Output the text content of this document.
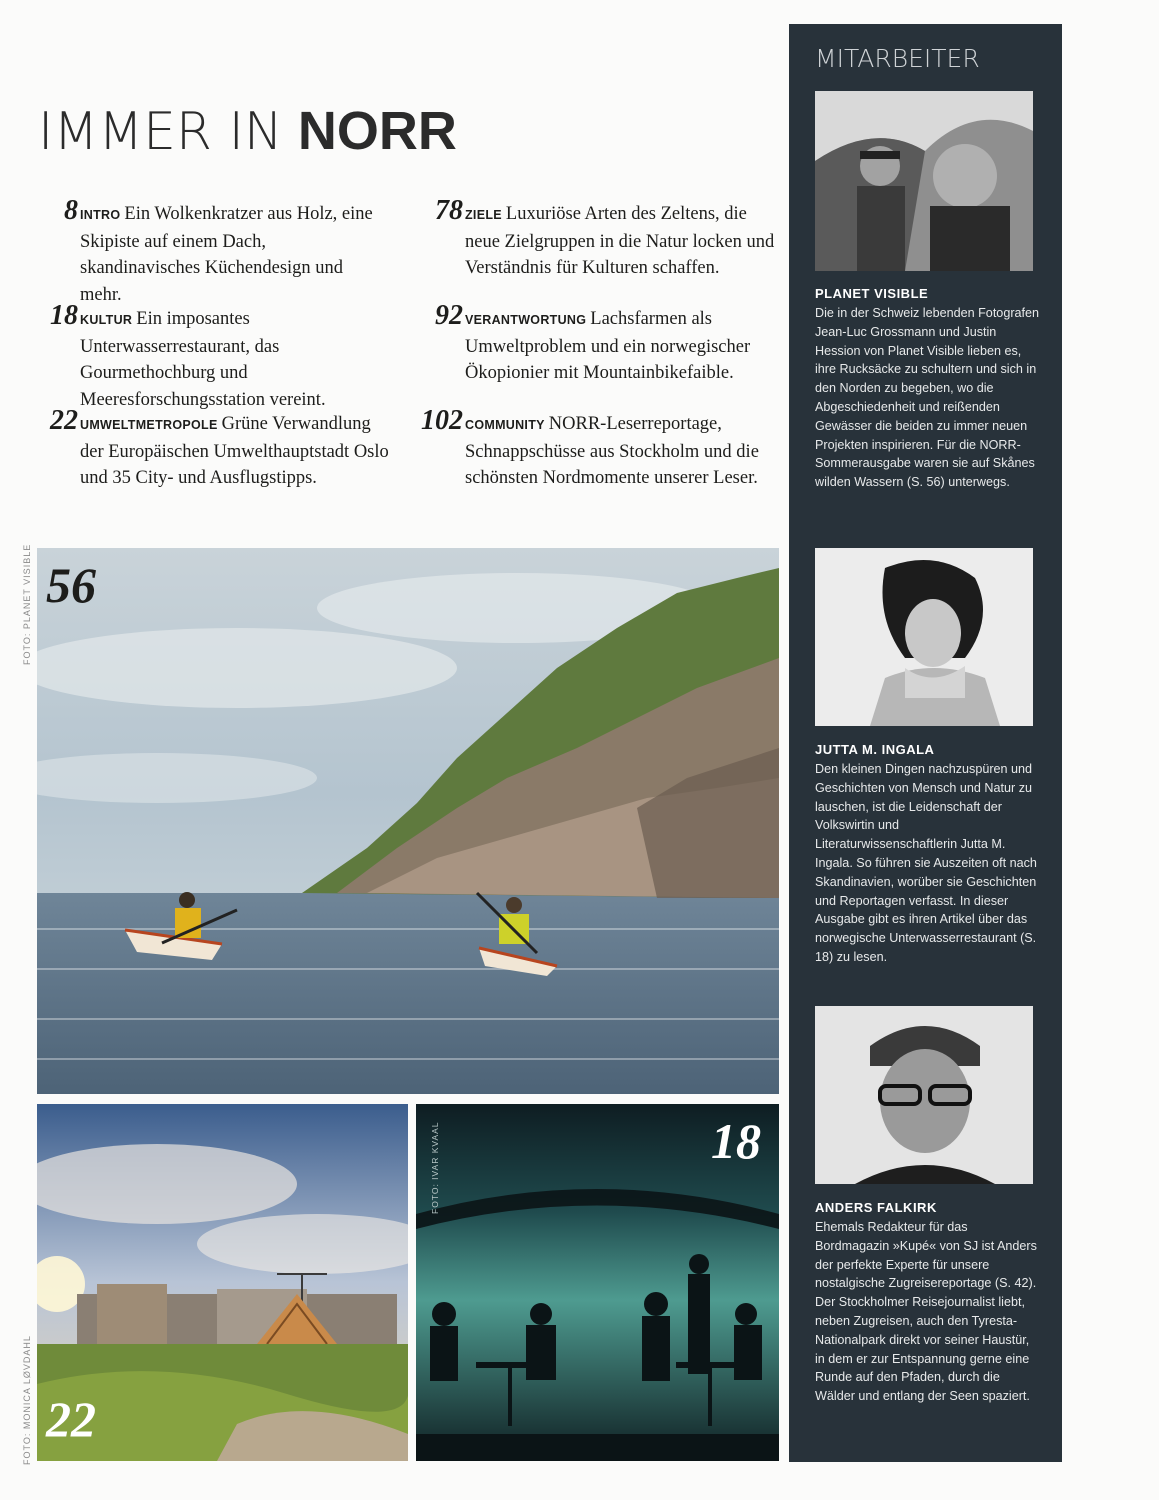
IMMER IN NORR
8 INTRO Ein Wolkenkratzer aus Holz, eine Skipiste auf einem Dach, skandinavisches Küchendesign und mehr.
18 KULTUR Ein imposantes Unterwasserrestaurant, das Gourmethochburg und Meeresforschungsstation vereint.
22 UMWELTMETROPOLE Grüne Verwandlung der Europäischen Umwelthauptstadt Oslo und 35 City- und Ausflugstipps.
78 ZIELE Luxuriöse Arten des Zeltens, die neue Zielgruppen in die Natur locken und Verständnis für Kulturen schaffen.
92 VERANTWORTUNG Lachsfarmen als Umweltproblem und ein norwegischer Ökopionier mit Mountainbikefaible.
102 COMMUNITY NORR-Leserreportage, Schnappschüsse aus Stockholm und die schönsten Nordmomente unserer Leser.
FOTO: PLANET VISIBLE
FOTO: MONICA LØVDAHL
56
22
18
FOTO: IVAR KVAAL
MITARBEITER
PLANET VISIBLE
Die in der Schweiz lebenden Fotografen Jean-Luc Grossmann und Justin Hession von Planet Visible lieben es, ihre Rucksäcke zu schultern und sich in den Norden zu begeben, wo die Abgeschiedenheit und reißenden Gewässer die beiden zu immer neuen Projekten inspirieren. Für die NORR-Sommerausgabe waren sie auf Skånes wilden Wassern (S. 56) unterwegs.
JUTTA M. INGALA
Den kleinen Dingen nachzuspüren und Geschichten von Mensch und Natur zu lauschen, ist die Leidenschaft der Volkswirtin und Literaturwissenschaftlerin Jutta M. Ingala. So führen sie Auszeiten oft nach Skandinavien, worüber sie Geschichten und Reportagen verfasst. In dieser Ausgabe gibt es ihren Artikel über das norwegische Unterwasserrestaurant (S. 18) zu lesen.
ANDERS FALKIRK
Ehemals Redakteur für das Bordmagazin »Kupé« von SJ ist Anders der perfekte Experte für unsere nostalgische Zugreisereportage (S. 42). Der Stockholmer Reisejournalist liebt, neben Zugreisen, auch den Tyresta-Nationalpark direkt vor seiner Haustür, in dem er zur Entspannung gerne eine Runde auf den Pfaden, durch die Wälder und entlang der Seen spaziert.
